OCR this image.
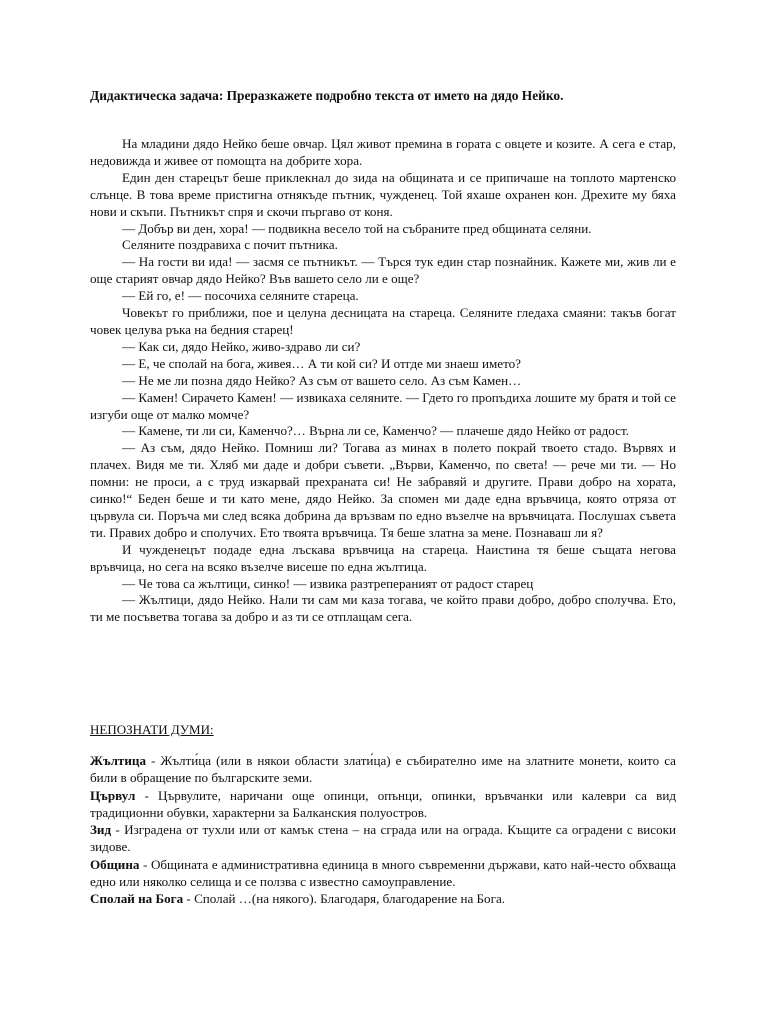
Дидактическа задача: Преразкажете подробно текста от името на дядо Нейко.

На младини дядо Нейко беше овчар. Цял живот премина в гората с овцете и козите. А сега е стар, недовижда и живее от помощта на добрите хора.

Един ден старецът беше приклекнал до зида на общината и се припичаше на топлото мартенско слънце. В това време пристигна отнякъде пътник, чужденец. Той яхаше охранен кон. Дрехите му бяха нови и скъпи. Пътникът спря и скочи пъргаво от коня.

— Добър ви ден, хора! — подвикна весело той на събраните пред общината селяни.

Селяните поздравиха с почит пътника.

— На гости ви ида! — засмя се пътникът. — Търся тук един стар познайник. Кажете ми, жив ли е още старият овчар дядо Нейко? Във вашето село ли е още?

— Ей го, е! — посочиха селяните стареца.

Човекът го приближи, пое и целуна десницата на стареца. Селяните гледаха смаяни: такъв богат човек целува ръка на бедния старец!

— Как си, дядо Нейко, живо-здраво ли си?

— Е, че сполай на бога, живея… А ти кой си? И отгде ми знаеш името?

— Не ме ли позна дядо Нейко? Аз съм от вашето село. Аз съм Камен…

— Камен! Сирачето Камен! — извикаха селяните. — Гдето го пропъдиха лошите му братя и той се изгуби още от малко момче?

— Камене, ти ли си, Каменчо?… Върна ли се, Каменчо? — плачеше дядо Нейко от радост.

— Аз съм, дядо Нейко. Помниш ли? Тогава аз минах в полето покрай твоето стадо. Вървях и плачех. Видя ме ти. Хляб ми даде и добри съвети. „Върви, Каменчо, по света! — рече ми ти. — Но помни: не проси, а с труд изкарвай прехраната си! Не забравяй и другите. Прави добро на хората, синко!“ Беден беше и ти като мене, дядо Нейко. За спомен ми даде една връвчица, която отряза от цървула си. Поръча ми след всяка добрина да връзвам по едно възелче на връвчицата. Послушах съвета ти. Правих добро и сполучих. Ето твоята връвчица. Тя беше златна за мене. Познаваш ли я?

И чужденецът подаде една лъскава връвчица на стареца. Наистина тя беше същата негова връвчица, но сега на всяко възелче висеше по една жълтица.

— Че това са жълтици, синко! — извика разтрепераният от радост старец

— Жълтици, дядо Нейко. Нали ти сам ми каза тогава, че който прави добро, добро сполучва. Ето, ти ме посъветва тогава за добро и аз ти се отплащам сега.

НЕПОЗНАТИ ДУМИ:

Жълтица - Жълти́ца (или в някои области злати́ца) е събирателно име на златните монети, които са били в обращение по българските земи.

Цървул - Цървулите, наричани още опинци, опънци, опинки, връвчанки или калеври са вид традиционни обувки, характерни за Балканския полуостров.

Зид - Изградена от тухли или от камък стена – на сграда или на ограда. Къщите са оградени с високи зидове.

Община - Общината е административна единица в много съвременни държави, като най-често обхваща едно или няколко селища и се ползва с известно самоуправление.

Сполай на Бога - Сполай …(на някого). Благодаря, благодарение на Бога.
